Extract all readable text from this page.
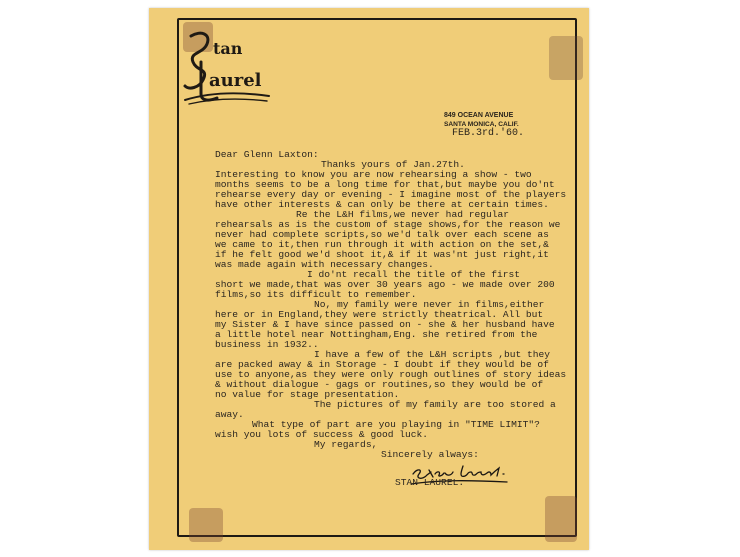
tan
aurel
849 OCEAN AVENUE
SANTA MONICA, CALIF.
FEB.3rd.'60.
Dear Glenn Laxton:
Thanks yours of Jan.27th.
Interesting to know you are now rehearsing a show - two
months seems to be a long time for that,but maybe you do'nt
rehearse every day or evening - I imagine most of the players
have other interests & can only be there at certain times.
Re the L&H films,we never had regular
rehearsals as is the custom of stage shows,for the reason we
never had complete scripts,so we'd talk over each scene as
we came to it,then run through it with action on the set,&
if he felt good we'd shoot it,& if it was'nt just right,it
was made again with necessary changes.
I do'nt recall the title of the first
short we made,that was over 30 years ago - we made over 200
films,so its difficult to remember.
No, my family were never in films,either
here or in England,they were strictly theatrical. All but
my Sister & I have since passed on - she & her husband have
a little hotel near Nottingham,Eng. she retired from the
business in 1932..
I have a few of the L&H scripts ,but they
are packed away & in Storage - I doubt if they would be of
use to anyone,as they were only rough outlines of story ideas
& without dialogue - gags or routines,so they would be of
no value for stage presentation.
The pictures of my family are too stored a
away.
What type of part are you playing in "TIME LIMIT"?
wish you lots of success & good luck.
My regards,
Sincerely always:
STAN LAUREL.
